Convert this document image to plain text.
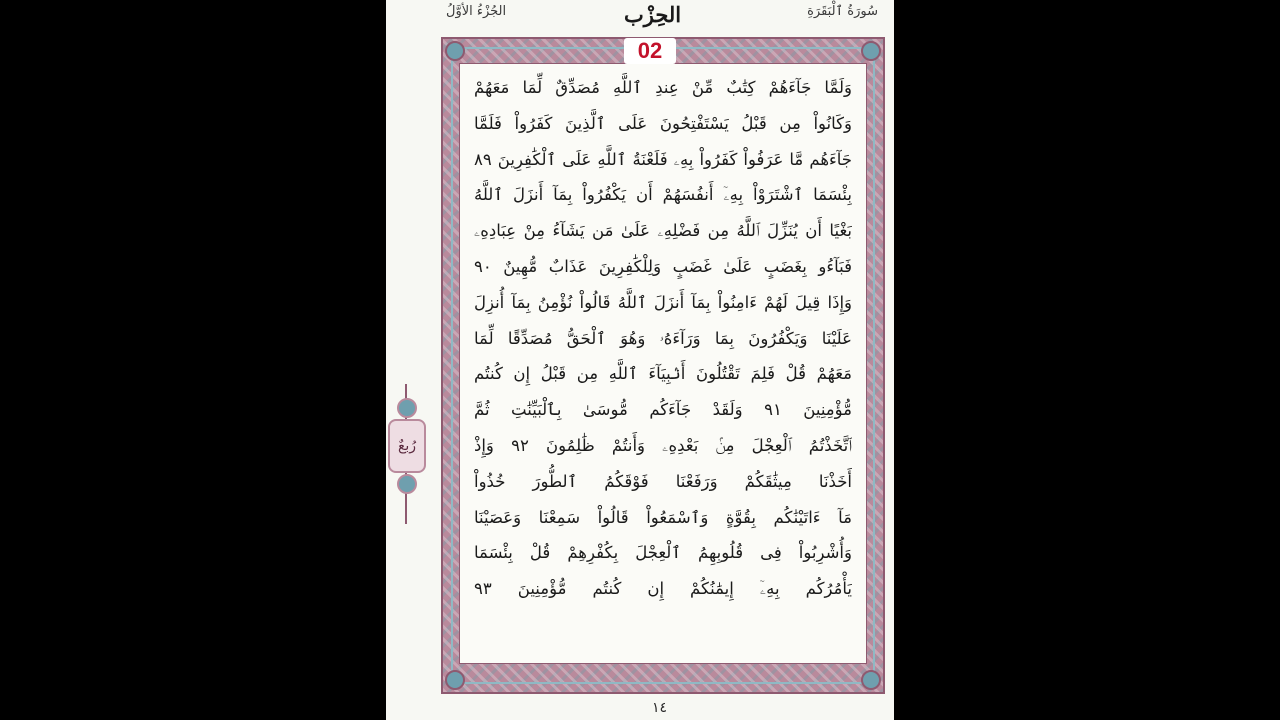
سُورَةُ ٱلْبَقَرَةِ
الجُزْءُ الأوَّلُ	الحِزْب
وَلَمَّا جَآءَهُمْ كِتَٰبٌ مِّنْ عِندِ ٱللَّهِ مُصَدِّقٌ لِّمَا مَعَهُمْ
وَكَانُواْ مِن قَبْلُ يَسْتَفْتِحُونَ عَلَى ٱلَّذِينَ كَفَرُواْ فَلَمَّا
جَآءَهُم مَّا عَرَفُواْ كَفَرُواْ بِهِۦ فَلَعْنَةُ ٱللَّهِ عَلَى ٱلْكَٰفِرِينَ ٨٩
بِئْسَمَا ٱشْتَرَوْاْ بِهِۦٓ أَنفُسَهُمْ أَن يَكْفُرُواْ بِمَآ أَنزَلَ ٱللَّهُ
بَغْيًا أَن يُنَزِّلَ ٱللَّهُ مِن فَضْلِهِۦ عَلَىٰ مَن يَشَآءُ مِنْ عِبَادِهِۦ
فَبَآءُو بِغَضَبٍ عَلَىٰ غَضَبٍ وَلِلْكَٰفِرِينَ عَذَابٌ مُّهِينٌ ٩٠
وَإِذَا قِيلَ لَهُمْ ءَامِنُواْ بِمَآ أَنزَلَ ٱللَّهُ قَالُواْ نُؤْمِنُ بِمَآ أُنزِلَ
عَلَيْنَا وَيَكْفُرُونَ بِمَا وَرَآءَهُۥ وَهُوَ ٱلْحَقُّ مُصَدِّقًا لِّمَا
مَعَهُمْ قُلْ فَلِمَ تَقْتُلُونَ أَنۢبِيَآءَ ٱللَّهِ مِن قَبْلُ إِن كُنتُم
مُّؤْمِنِينَ ٩١ وَلَقَدْ جَآءَكُم مُّوسَىٰ بِٱلْبَيِّنَٰتِ ثُمَّ
ٱتَّخَذْتُمُ ٱلْعِجْلَ مِنۢ بَعْدِهِۦ وَأَنتُمْ ظَٰلِمُونَ ٩٢ وَإِذْ
أَخَذْنَا مِيثَٰقَكُمْ وَرَفَعْنَا فَوْقَكُمُ ٱلطُّورَ خُذُواْ
مَآ ءَاتَيْنَٰكُم بِقُوَّةٍ وَٱسْمَعُواْ قَالُواْ سَمِعْنَا وَعَصَيْنَا
وَأُشْرِبُواْ فِى قُلُوبِهِمُ ٱلْعِجْلَ بِكُفْرِهِمْ قُلْ بِئْسَمَا
يَأْمُرُكُم بِهِۦٓ إِيمَٰنُكُمْ إِن كُنتُم مُّؤْمِنِينَ ٩٣
02
رُبعٌ
١٤
